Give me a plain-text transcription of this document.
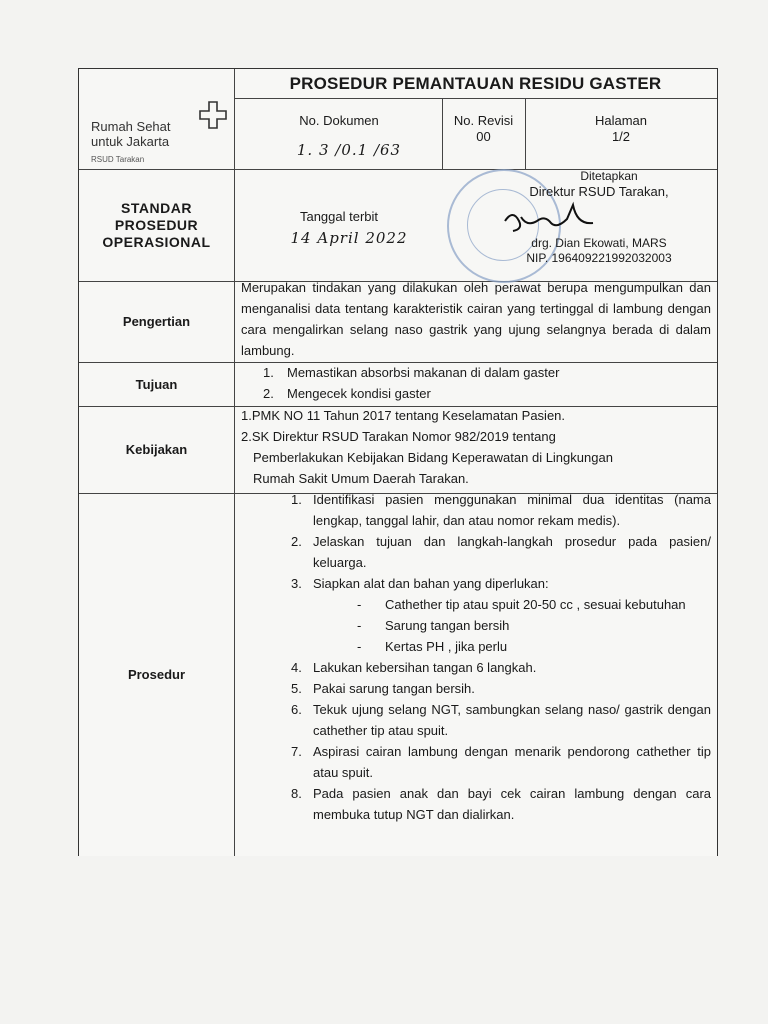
PROSEDUR PEMANTAUAN RESIDU GASTER
Rumah Sehat
untuk Jakarta
RSUD Tarakan
No. Dokumen
1. 3 /0.1 /63
No. Revisi
00
Halaman
1/2
STANDAR
PROSEDUR
OPERASIONAL
Tanggal terbit
14 April 2022
Ditetapkan
Direktur RSUD Tarakan,
drg. Dian Ekowati, MARS
NIP. 196409221992032003
Pengertian
Merupakan tindakan yang dilakukan oleh perawat berupa mengumpulkan dan menganalisi data tentang karakteristik cairan yang tertinggal di lambung dengan cara mengalirkan selang naso gastrik yang ujung selangnya berada di dalam lambung.
Tujuan
1. Memastikan absorbsi makanan di dalam gaster
2. Mengecek kondisi gaster
Kebijakan
1.PMK NO 11 Tahun 2017 tentang Keselamatan Pasien.
2.SK Direktur RSUD Tarakan Nomor 982/2019 tentang
Pemberlakukan Kebijakan Bidang Keperawatan di Lingkungan
Rumah Sakit Umum Daerah Tarakan.
Prosedur
1. Identifikasi pasien menggunakan minimal dua identitas (nama lengkap, tanggal lahir, dan atau nomor rekam medis).
2. Jelaskan tujuan dan langkah-langkah prosedur pada pasien/ keluarga.
3. Siapkan alat dan bahan yang diperlukan:
- Cathether tip atau spuit 20-50 cc , sesuai kebutuhan
- Sarung tangan bersih
- Kertas PH , jika perlu
4. Lakukan kebersihan tangan 6 langkah.
5. Pakai sarung tangan bersih.
6. Tekuk ujung selang NGT, sambungkan selang naso/ gastrik dengan cathether tip atau spuit.
7. Aspirasi cairan lambung dengan menarik pendorong cathether tip atau spuit.
8. Pada pasien anak dan bayi cek cairan lambung dengan cara membuka tutup NGT dan dialirkan.
